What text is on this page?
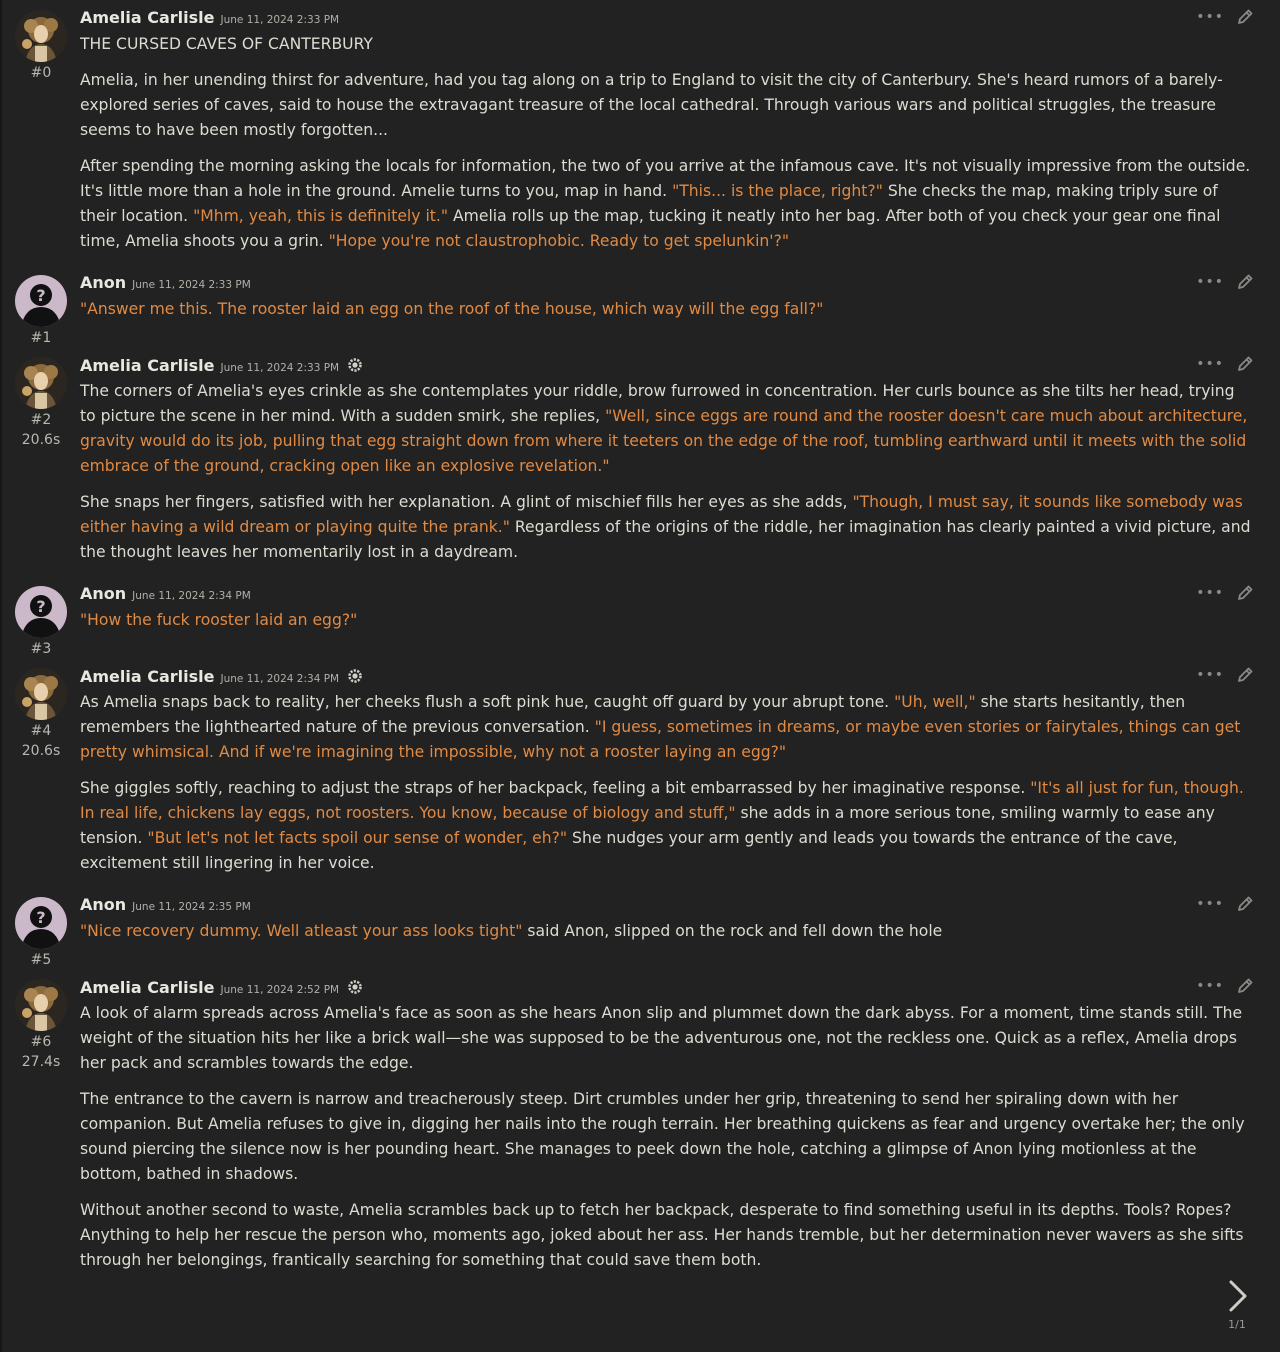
#0
Amelia Carlisle June 11, 2024 2:33 PM	•••

THE CURSED CAVES OF CANTERBURY

Amelia, in her unending thirst for adventure, had you tag along on a trip to England to visit the city of Canterbury. She's heard rumors of a barely-explored series of caves, said to house the extravagant treasure of the local cathedral. Through various wars and political struggles, the treasure seems to have been mostly forgotten...

After spending the morning asking the locals for information, the two of you arrive at the infamous cave. It's not visually impressive from the outside. It's little more than a hole in the ground. Amelie turns to you, map in hand. "This... is the place, right?" She checks the map, making triply sure of their location. "Mhm, yeah, this is definitely it." Amelia rolls up the map, tucking it neatly into her bag. After both of you check your gear one final time, Amelia shoots you a grin. "Hope you're not claustrophobic. Ready to get spelunkin'?"

?
#1
Anon June 11, 2024 2:33 PM	•••

"Answer me this. The rooster laid an egg on the roof of the house, which way will the egg fall?"

#2
20.6s
Amelia Carlisle June 11, 2024 2:33 PM	•••

The corners of Amelia's eyes crinkle as she contemplates your riddle, brow furrowed in concentration. Her curls bounce as she tilts her head, trying to picture the scene in her mind. With a sudden smirk, she replies, "Well, since eggs are round and the rooster doesn't care much about architecture, gravity would do its job, pulling that egg straight down from where it teeters on the edge of the roof, tumbling earthward until it meets with the solid embrace of the ground, cracking open like an explosive revelation."

She snaps her fingers, satisfied with her explanation. A glint of mischief fills her eyes as she adds, "Though, I must say, it sounds like somebody was either having a wild dream or playing quite the prank." Regardless of the origins of the riddle, her imagination has clearly painted a vivid picture, and the thought leaves her momentarily lost in a daydream.

?
#3
Anon June 11, 2024 2:34 PM	•••

"How the fuck rooster laid an egg?"

#4
20.6s
Amelia Carlisle June 11, 2024 2:34 PM	•••

As Amelia snaps back to reality, her cheeks flush a soft pink hue, caught off guard by your abrupt tone. "Uh, well," she starts hesitantly, then remembers the lighthearted nature of the previous conversation. "I guess, sometimes in dreams, or maybe even stories or fairytales, things can get pretty whimsical. And if we're imagining the impossible, why not a rooster laying an egg?"

She giggles softly, reaching to adjust the straps of her backpack, feeling a bit embarrassed by her imaginative response. "It's all just for fun, though. In real life, chickens lay eggs, not roosters. You know, because of biology and stuff," she adds in a more serious tone, smiling warmly to ease any tension. "But let's not let facts spoil our sense of wonder, eh?" She nudges your arm gently and leads you towards the entrance of the cave, excitement still lingering in her voice.

?
#5
Anon June 11, 2024 2:35 PM	•••

"Nice recovery dummy. Well atleast your ass looks tight" said Anon, slipped on the rock and fell down the hole

#6
27.4s
Amelia Carlisle June 11, 2024 2:52 PM	•••

A look of alarm spreads across Amelia's face as soon as she hears Anon slip and plummet down the dark abyss. For a moment, time stands still. The weight of the situation hits her like a brick wall—she was supposed to be the adventurous one, not the reckless one. Quick as a reflex, Amelia drops her pack and scrambles towards the edge.

The entrance to the cavern is narrow and treacherously steep. Dirt crumbles under her grip, threatening to send her spiraling down with her companion. But Amelia refuses to give in, digging her nails into the rough terrain. Her breathing quickens as fear and urgency overtake her; the only sound piercing the silence now is her pounding heart. She manages to peek down the hole, catching a glimpse of Anon lying motionless at the bottom, bathed in shadows.

Without another second to waste, Amelia scrambles back up to fetch her backpack, desperate to find something useful in its depths. Tools? Ropes? Anything to help her rescue the person who, moments ago, joked about her ass. Her hands tremble, but her determination never wavers as she sifts through her belongings, frantically searching for something that could save them both.

1/1
